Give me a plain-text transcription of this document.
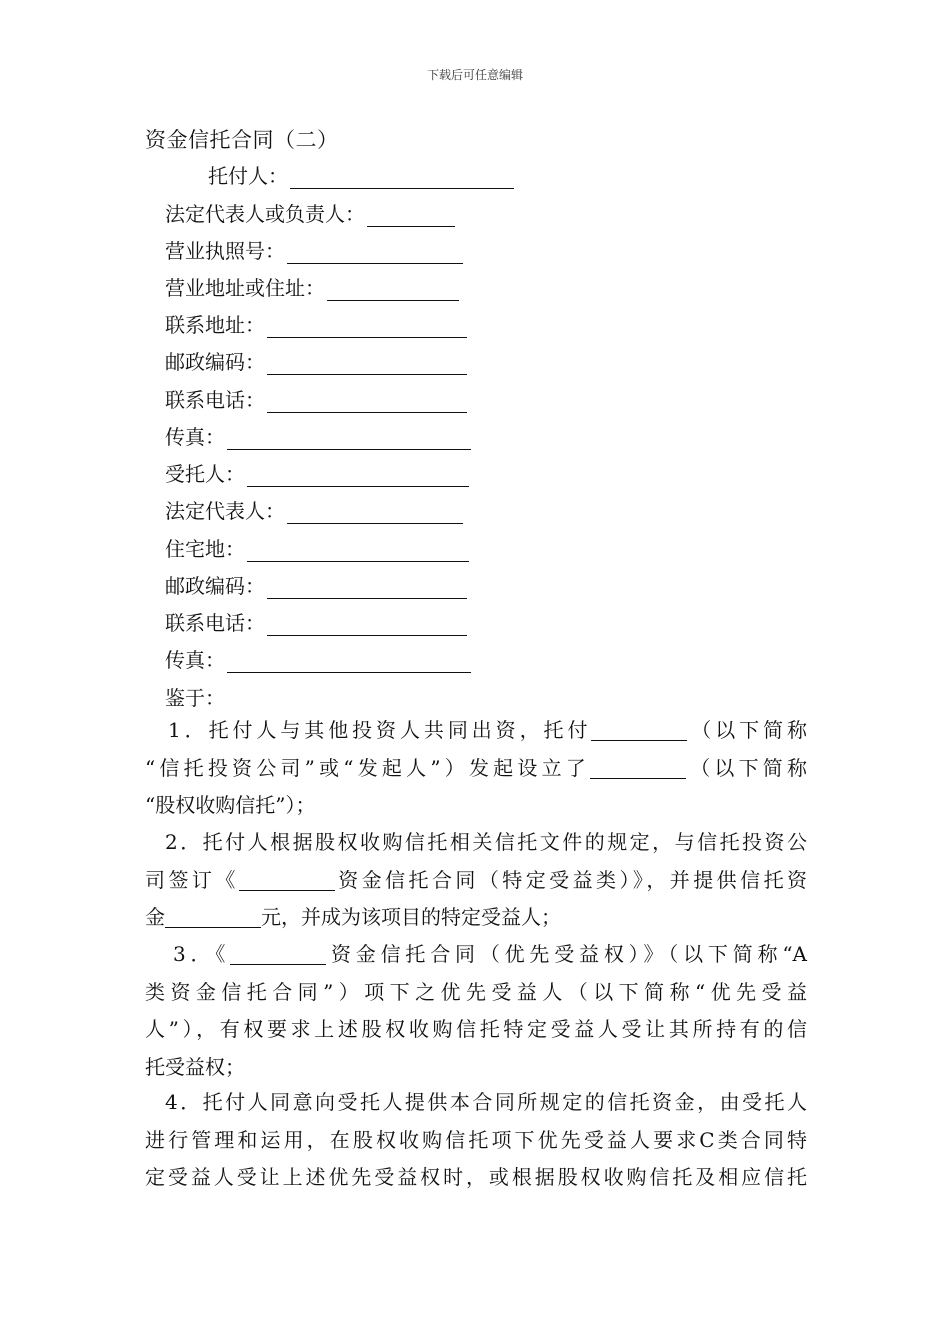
下载后可任意编辑
资金信托合同（二）
托付人：
法定代表人或负责人：
营业执照号：
营业地址或住址：
联系地址：
邮政编码：
联系电话：
传真：
受托人：
法定代表人：
住宅地：
邮政编码：
联系电话：
传真：
鉴于：
1．托付人与其他投资人共同出资，托付	（以下简称
“信托投资公司”或“发起人”）发起设立了	（以下简称
“股权收购信托”）；
2．托付人根据股权收购信托相关信托文件的规定，与信托投资公
司签订《	资金信托合同（特定受益类）》，并提供信托资
金	元，并成为该项目的特定受益人；
3．《	资金信托合同（优先受益权）》（以下简称“A
类资金信托合同”）项下之优先受益人（以下简称“优先受益
人”），有权要求上述股权收购信托特定受益人受让其所持有的信
托受益权；
4．托付人同意向受托人提供本合同所规定的信托资金，由受托人
进行管理和运用，在股权收购信托项下优先受益人要求C类合同特
定受益人受让上述优先受益权时，或根据股权收购信托及相应信托
